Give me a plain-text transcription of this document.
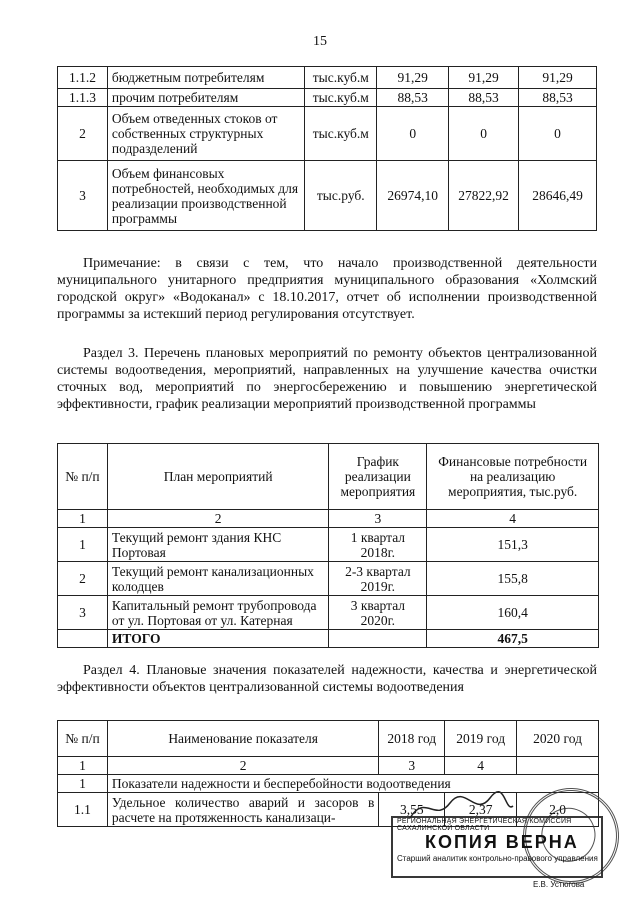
15
1.1.2	бюджетным потребителям	тыс.куб.м	91,29	91,29	91,29
1.1.3	прочим потребителям	тыс.куб.м	88,53	88,53	88,53
2	Объем отведенных стоков от собственных структурных подразделений	тыс.куб.м	0	0	0
3	Объем финансовых потребностей, необходимых для реализации производственной программы	тыс.руб.	26974,10	27822,92	28646,49

Примечание: в связи с тем, что начало производственной деятельности муниципального унитарного предприятия муниципального образования «Холмский городской округ» «Водоканал» с 18.10.2017, отчет об исполнении производственной программы за истекший период регулирования отсутствует.

Раздел 3. Перечень плановых мероприятий по ремонту объектов централизованной системы водоотведения, мероприятий, направленных на улучшение качества очистки сточных вод, мероприятий по энергосбережению и повышению энергетической эффективности, график реализации мероприятий производственной программы

№ п/п	План мероприятий	График реализации мероприятия	Финансовые потребности на реализацию мероприятия, тыс.руб.
1	2	3	4
1	Текущий ремонт здания КНС Портовая	1 квартал 2018г.	151,3
2	Текущий ремонт канализационных колодцев	2-3 квартал 2019г.	155,8
3	Капитальный ремонт трубопровода от ул. Портовая от ул. Катерная	3 квартал 2020г.	160,4
	ИТОГО		467,5

Раздел 4. Плановые значения показателей надежности, качества и энергетической эффективности объектов централизованной системы водоотведения

№ п/п	Наименование показателя	2018 год	2019 год	2020 год
1	2	3	4	
1	Показатели надежности и бесперебойности водоотведения			
1.1	Удельное количество аварий и засоров в расчете на протяженность канализаци-	3,55	2,37	2,0
РЕГИОНАЛЬНАЯ ЭНЕРГЕТИЧЕСКАЯ КОМИССИЯ САХАЛИНСКОЙ ОБЛАСТИ
КОПИЯ ВЕРНА
Старший аналитик контрольно-правового управления
Е.В. Устюгова
